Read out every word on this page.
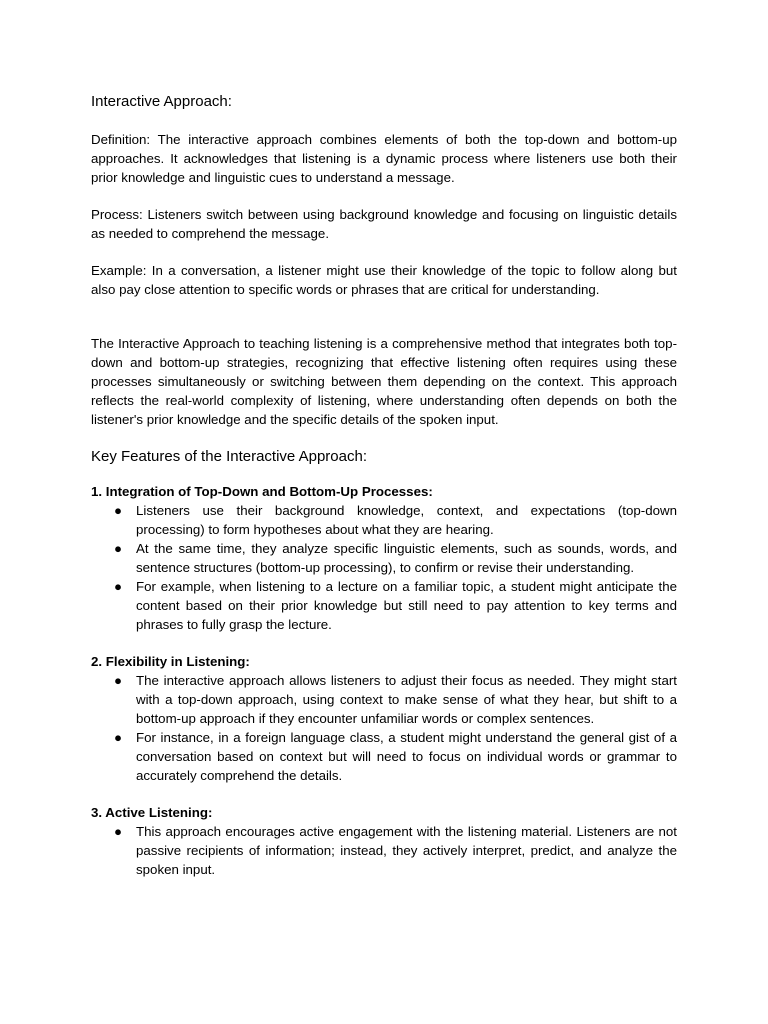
Interactive Approach:

Definition: The interactive approach combines elements of both the top-down and bottom-up approaches. It acknowledges that listening is a dynamic process where listeners use both their prior knowledge and linguistic cues to understand a message.

Process: Listeners switch between using background knowledge and focusing on linguistic details as needed to comprehend the message.

Example: In a conversation, a listener might use their knowledge of the topic to follow along but also pay close attention to specific words or phrases that are critical for understanding.

The Interactive Approach to teaching listening is a comprehensive method that integrates both top-down and bottom-up strategies, recognizing that effective listening often requires using these processes simultaneously or switching between them depending on the context. This approach reflects the real-world complexity of listening, where understanding often depends on both the listener's prior knowledge and the specific details of the spoken input.

Key Features of the Interactive Approach:

1. Integration of Top-Down and Bottom-Up Processes:

● Listeners use their background knowledge, context, and expectations (top-down processing) to form hypotheses about what they are hearing.
● At the same time, they analyze specific linguistic elements, such as sounds, words, and sentence structures (bottom-up processing), to confirm or revise their understanding.
● For example, when listening to a lecture on a familiar topic, a student might anticipate the content based on their prior knowledge but still need to pay attention to key terms and phrases to fully grasp the lecture.

2. Flexibility in Listening:

● The interactive approach allows listeners to adjust their focus as needed. They might start with a top-down approach, using context to make sense of what they hear, but shift to a bottom-up approach if they encounter unfamiliar words or complex sentences.
● For instance, in a foreign language class, a student might understand the general gist of a conversation based on context but will need to focus on individual words or grammar to accurately comprehend the details.

3. Active Listening:

● This approach encourages active engagement with the listening material. Listeners are not passive recipients of information; instead, they actively interpret, predict, and analyze the spoken input.
